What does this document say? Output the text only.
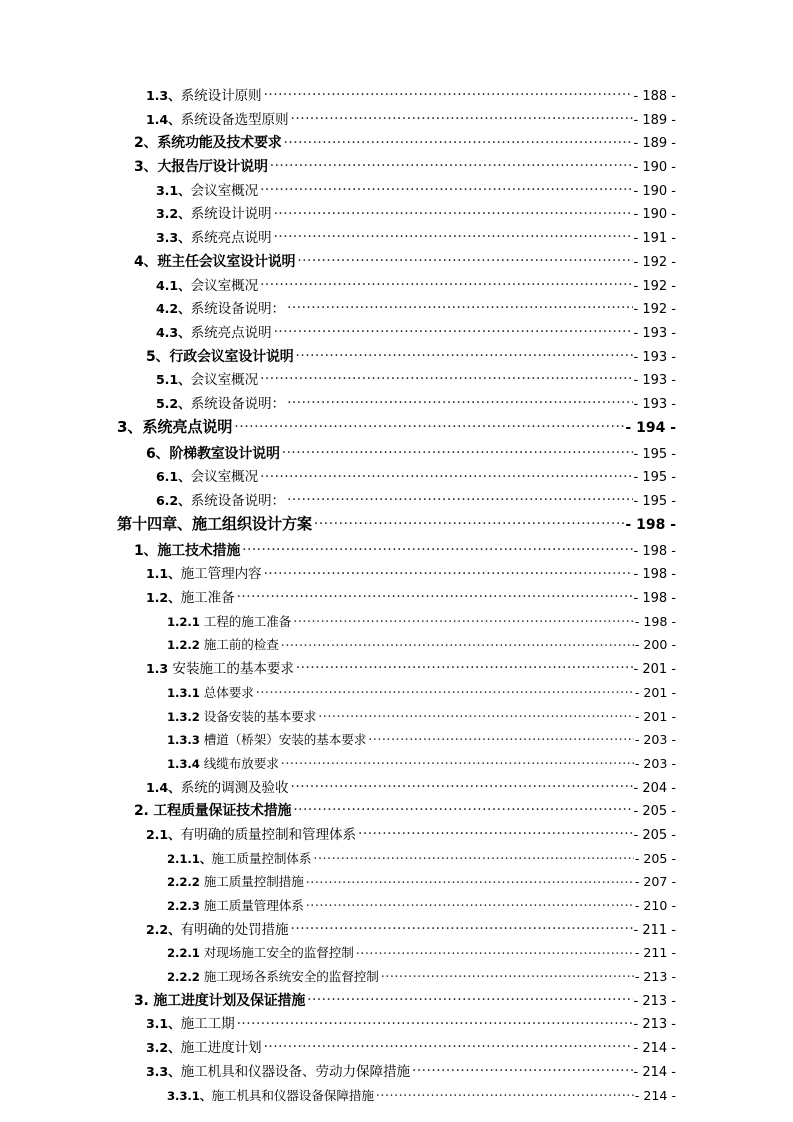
1.3、系统设计原则 .....	- 188 -
1.4、系统设备选型原则 .....	- 189 -
2、系统功能及技术要求 .....	- 189 -
3、大报告厅设计说明 .....	- 190 -
3.1、会议室概况 .....	- 190 -
3.2、系统设计说明 .....	- 190 -
3.3、系统亮点说明 .....	- 191 -
4、班主任会议室设计说明 .....	- 192 -
4.1、会议室概况 .....	- 192 -
4.2、系统设备说明： .....	- 192 -
4.3、系统亮点说明 .....	- 193 -
5、行政会议室设计说明 .....	- 193 -
5.1、会议室概况 .....	- 193 -
5.2、系统设备说明： .....	- 193 -
3、系统亮点说明 .....	- 194 -
6、阶梯教室设计说明 .....	- 195 -
6.1、会议室概况 .....	- 195 -
6.2、系统设备说明： .....	- 195 -
第十四章、施工组织设计方案 .....	- 198 -
1、施工技术措施 .....	- 198 -
1.1、施工管理内容 .....	- 198 -
1.2、施工准备 .....	- 198 -
1.2.1 工程的施工准备 .....	- 198 -
1.2.2 施工前的检查 .....	- 200 -
1.3 安装施工的基本要求 .....	- 201 -
1.3.1 总体要求 .....	- 201 -
1.3.2 设备安装的基本要求 .....	- 201 -
1.3.3 槽道（桥架）安装的基本要求 .....	- 203 -
1.3.4 线缆布放要求 .....	- 203 -
1.4、系统的调测及验收 .....	- 204 -
2. 工程质量保证技术措施 .....	- 205 -
2.1、有明确的质量控制和管理体系 .....	- 205 -
2.1.1、施工质量控制体系 .....	- 205 -
2.2.2 施工质量控制措施 .....	- 207 -
2.2.3 施工质量管理体系 .....	- 210 -
2.2、有明确的处罚措施 .....	- 211 -
2.2.1 对现场施工安全的监督控制 .....	- 211 -
2.2.2 施工现场各系统安全的监督控制 .....	- 213 -
3. 施工进度计划及保证措施 .....	- 213 -
3.1、施工工期 .....	- 213 -
3.2、施工进度计划 .....	- 214 -
3.3、施工机具和仪器设备、劳动力保障措施 .....	- 214 -
3.3.1、施工机具和仪器设备保障措施 .....	- 214 -
